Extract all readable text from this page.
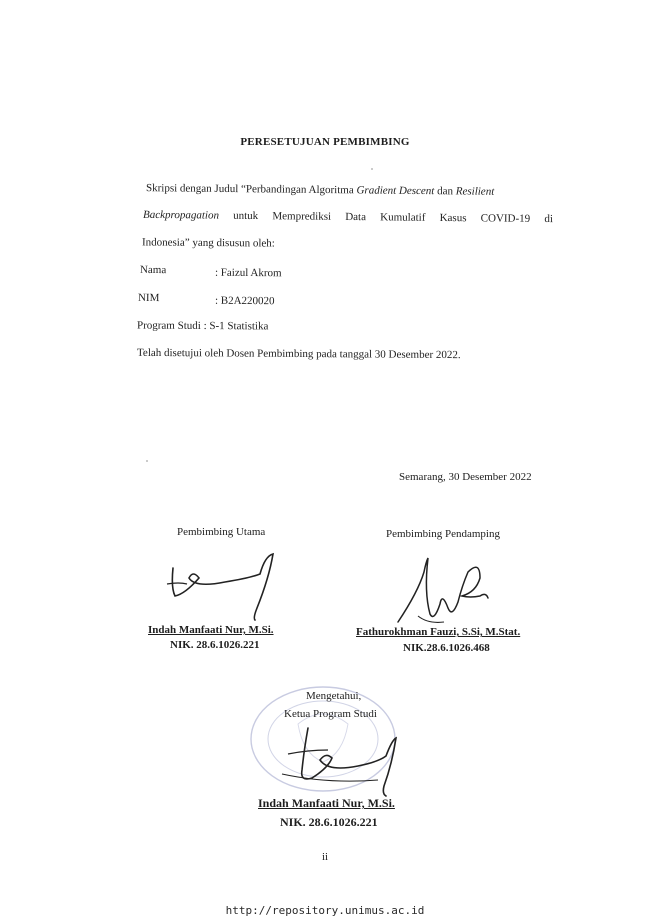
PERESETUJUAN PEMBIMBING
Skripsi dengan Judul “Perbandingan Algoritma Gradient Descent dan Resilient
Backpropagation untuk Memprediksi Data Kumulatif Kasus COVID-19 di
Indonesia” yang disusun oleh:
Nama	: Faizul Akrom
NIM	: B2A220020
Program Studi : S-1 Statistika
Telah disetujui oleh Dosen Pembimbing pada tanggal 30 Desember 2022.
Semarang, 30 Desember 2022
Pembimbing Utama	Pembimbing Pendamping
Indah Manfaati Nur, M.Si.	Fathurokhman Fauzi, S.Si, M.Stat.
NIK. 28.6.1026.221	NIK.28.6.1026.468
Mengetahui,
Ketua Program Studi
Indah Manfaati Nur, M.Si.
NIK. 28.6.1026.221
ii
http://repository.unimus.ac.id
